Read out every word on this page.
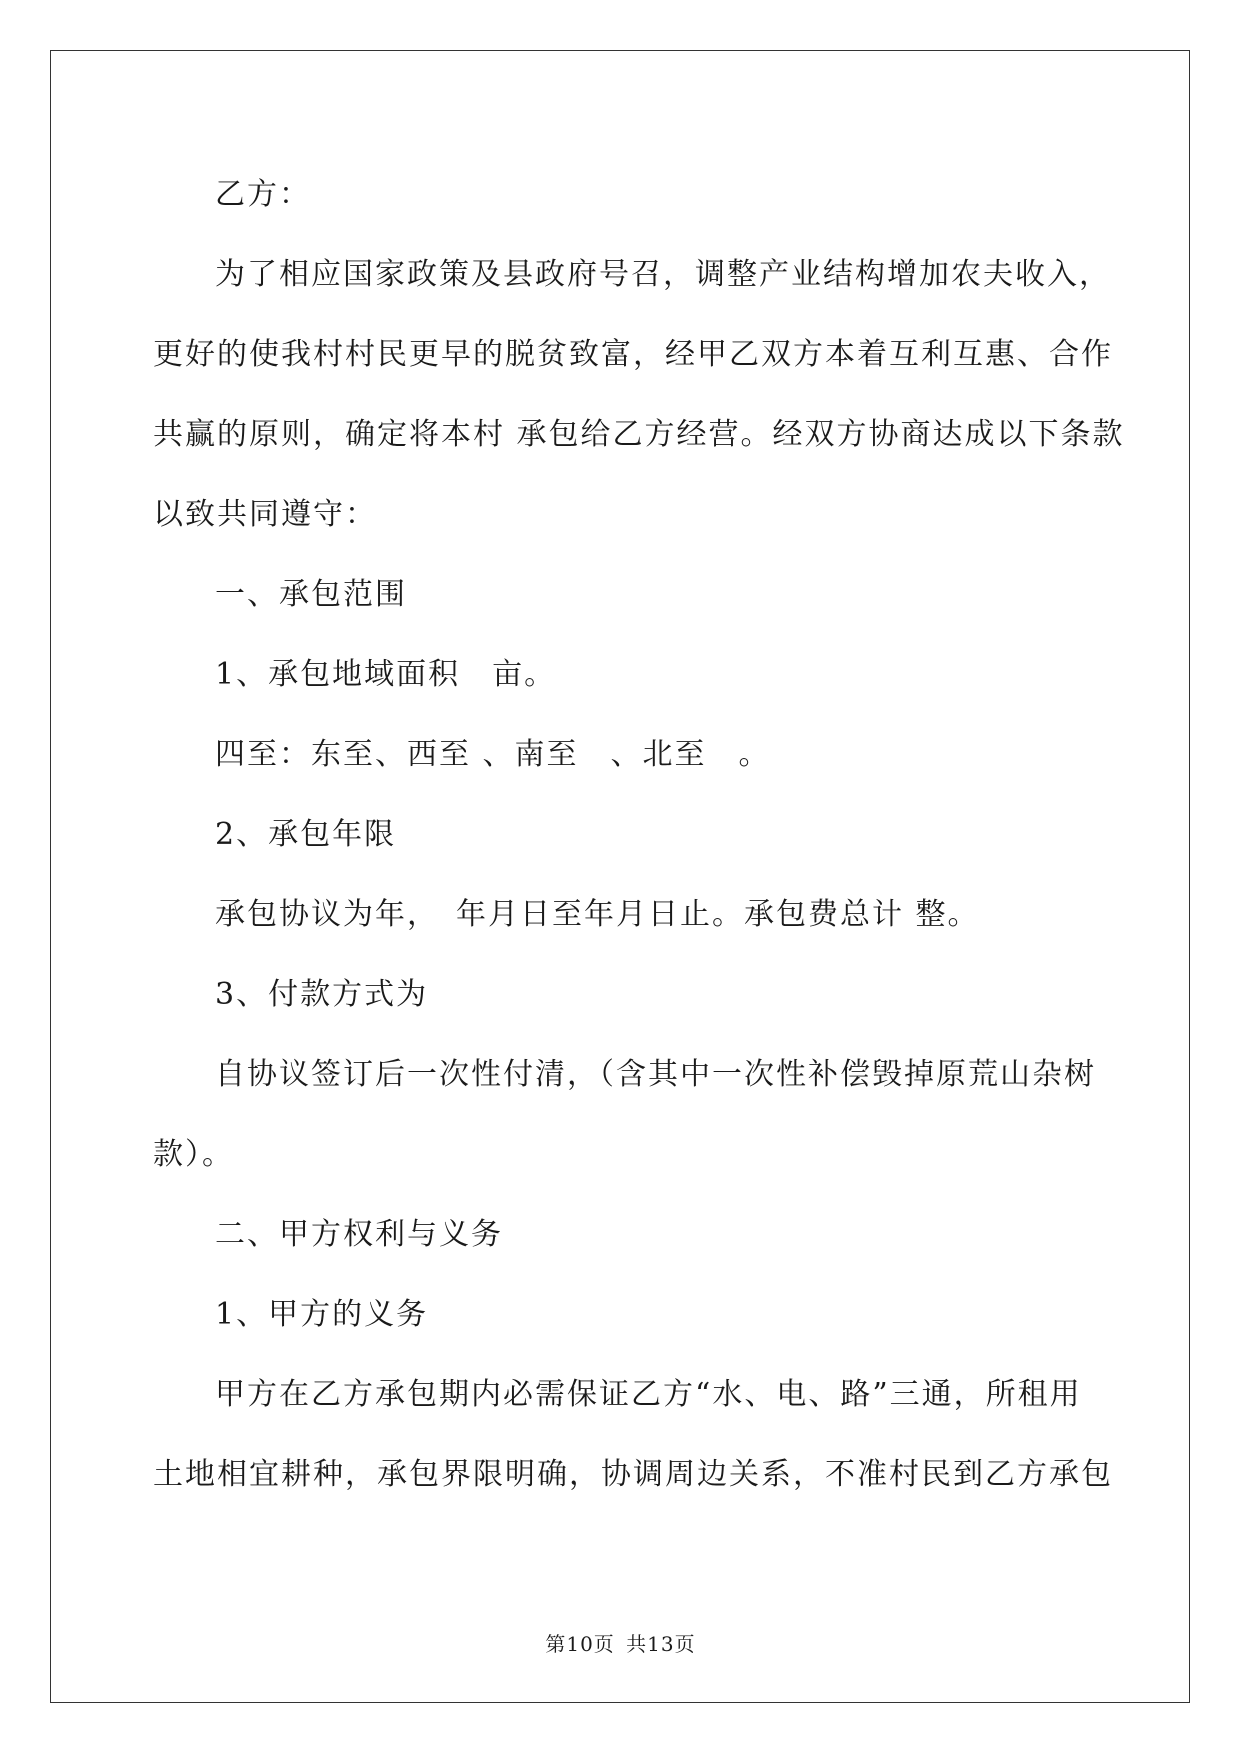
乙方：

为了相应国家政策及县政府号召，调整产业结构增加农夫收入，

更好的使我村村民更早的脱贫致富，经甲乙双方本着互利互惠、合作

共赢的原则，确定将本村 承包给乙方经营。经双方协商达成以下条款

以致共同遵守：

一、承包范围

1、承包地域面积　亩。

四至：东至、西至 、南至　、北至　。

2、承包年限

承包协议为年，　年月日至年月日止。承包费总计 整。

3、付款方式为

自协议签订后一次性付清，（含其中一次性补偿毁掉原荒山杂树

款）。

二、甲方权利与义务

1、甲方的义务

甲方在乙方承包期内必需保证乙方“水、电、路”三通，所租用

土地相宜耕种，承包界限明确，协调周边关系，不准村民到乙方承包

第10页 共13页
